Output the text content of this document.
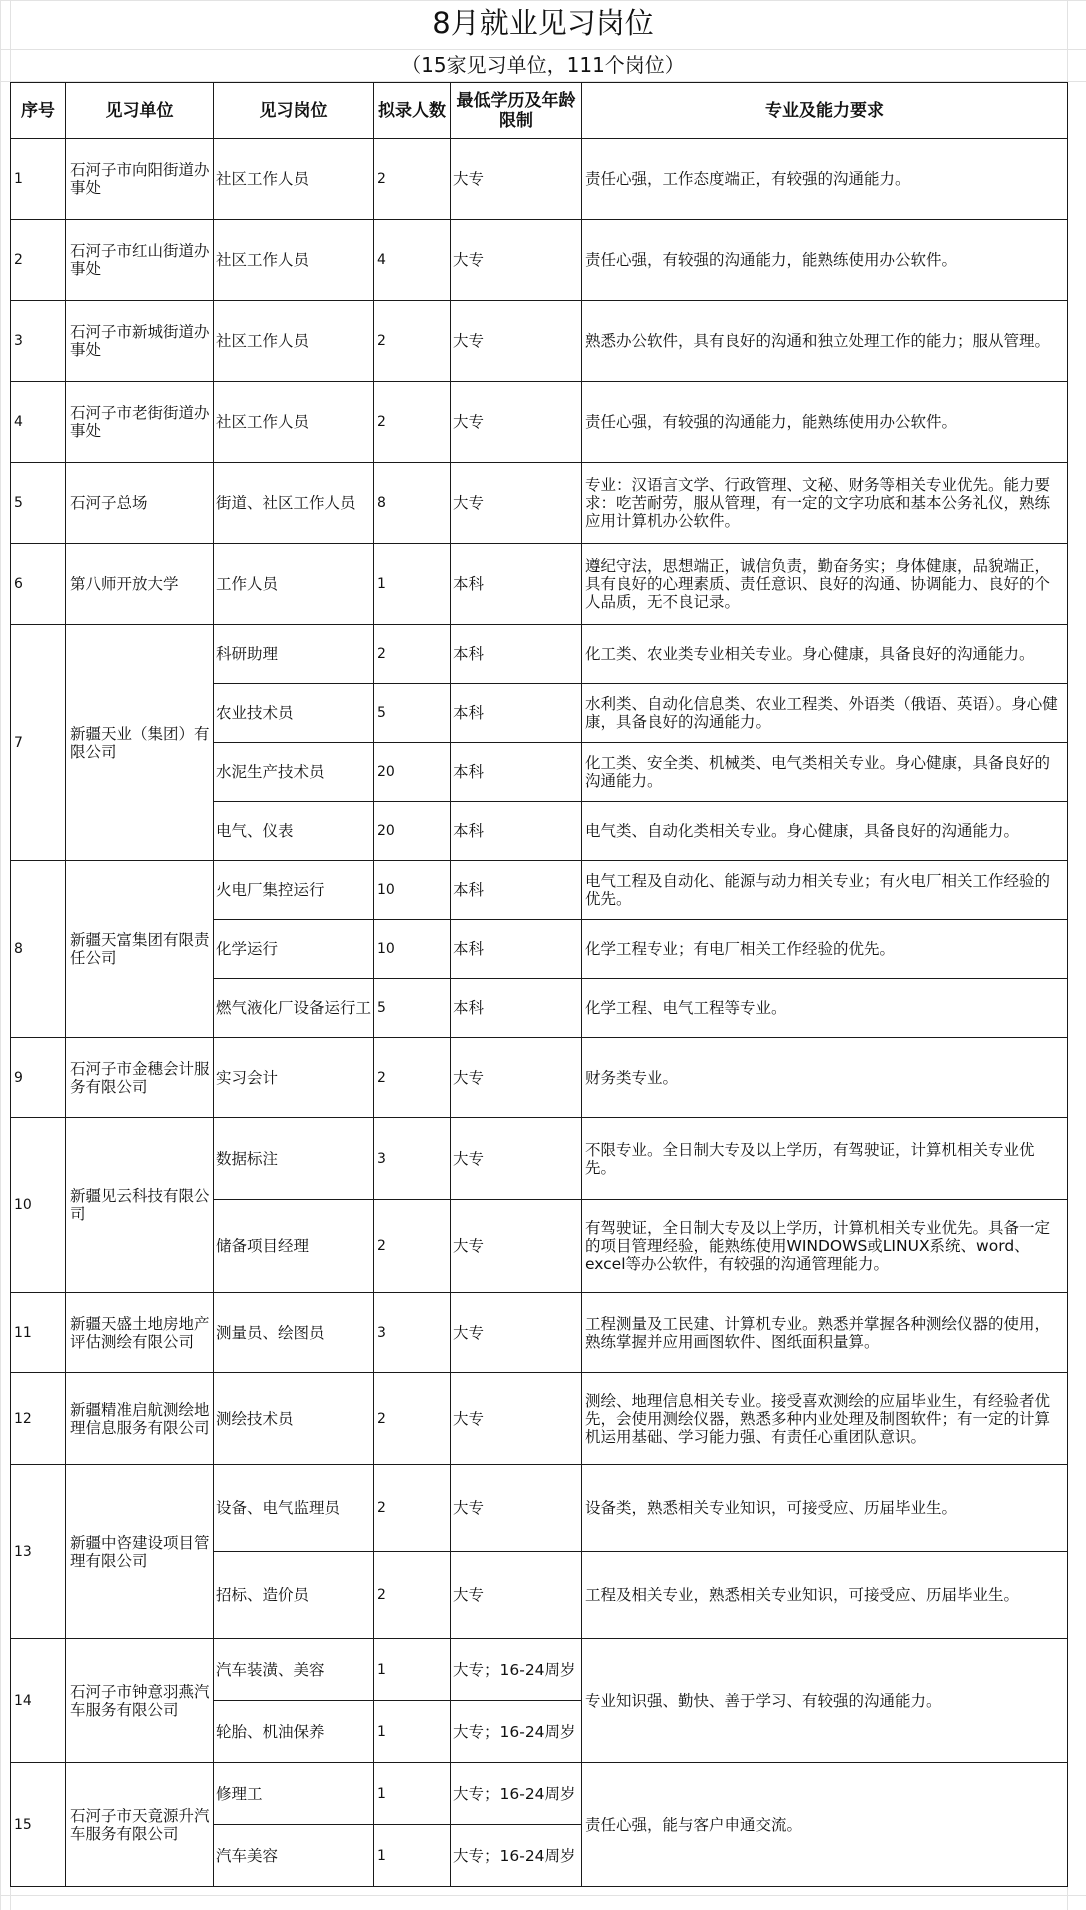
8月就业见习岗位
（15家见习单位，111个岗位）
序号	见习单位	见习岗位	拟录人数	最低学历及年龄限制	专业及能力要求
1	石河子市向阳街道办事处	社区工作人员	2	大专	责任心强，工作态度端正，有较强的沟通能力。
2	石河子市红山街道办事处	社区工作人员	4	大专	责任心强，有较强的沟通能力，能熟练使用办公软件。
3	石河子市新城街道办事处	社区工作人员	2	大专	熟悉办公软件，具有良好的沟通和独立处理工作的能力；服从管理。
4	石河子市老街街道办事处	社区工作人员	2	大专	责任心强，有较强的沟通能力，能熟练使用办公软件。
5	石河子总场	街道、社区工作人员	8	大专	专业：汉语言文学、行政管理、文秘、财务等相关专业优先。能力要求：吃苦耐劳，服从管理，有一定的文字功底和基本公务礼仪，熟练应用计算机办公软件。
6	第八师开放大学	工作人员	1	本科	遵纪守法，思想端正，诚信负责，勤奋务实；身体健康，品貌端正，具有良好的心理素质、责任意识、良好的沟通、协调能力、良好的个人品质，无不良记录。
7	新疆天业（集团）有限公司	科研助理	2	本科	化工类、农业类专业相关专业。身心健康，具备良好的沟通能力。
		农业技术员	5	本科	水利类、自动化信息类、农业工程类、外语类（俄语、英语）。身心健康，具备良好的沟通能力。
		水泥生产技术员	20	本科	化工类、安全类、机械类、电气类相关专业。身心健康，具备良好的沟通能力。
		电气、仪表	20	本科	电气类、自动化类相关专业。身心健康，具备良好的沟通能力。
8	新疆天富集团有限责任公司	火电厂集控运行	10	本科	电气工程及自动化、能源与动力相关专业；有火电厂相关工作经验的优先。
		化学运行	10	本科	化学工程专业；有电厂相关工作经验的优先。
		燃气液化厂设备运行工	5	本科	化学工程、电气工程等专业。
9	石河子市金穗会计服务有限公司	实习会计	2	大专	财务类专业。
10	新疆见云科技有限公司	数据标注	3	大专	不限专业。全日制大专及以上学历，有驾驶证，计算机相关专业优先。
		储备项目经理	2	大专	有驾驶证，全日制大专及以上学历，计算机相关专业优先。具备一定的项目管理经验，能熟练使用WINDOWS或LINUX系统、word、excel等办公软件，有较强的沟通管理能力。
11	新疆天盛土地房地产评估测绘有限公司	测量员、绘图员	3	大专	工程测量及工民建、计算机专业。熟悉并掌握各种测绘仪器的使用，熟练掌握并应用画图软件、图纸面积量算。
12	新疆精准启航测绘地理信息服务有限公司	测绘技术员	2	大专	测绘、地理信息相关专业。接受喜欢测绘的应届毕业生，有经验者优先，会使用测绘仪器，熟悉多种内业处理及制图软件；有一定的计算机运用基础、学习能力强、有责任心重团队意识。
13	新疆中咨建设项目管理有限公司	设备、电气监理员	2	大专	设备类，熟悉相关专业知识，可接受应、历届毕业生。
		招标、造价员	2	大专	工程及相关专业，熟悉相关专业知识，可接受应、历届毕业生。
14	石河子市钟意羽燕汽车服务有限公司	汽车装潢、美容	1	大专；16-24周岁	专业知识强、勤快、善于学习、有较强的沟通能力。
		轮胎、机油保养	1	大专；16-24周岁	
15	石河子市天竟源升汽车服务有限公司	修理工	1	大专；16-24周岁	责任心强，能与客户申通交流。
		汽车美容	1	大专；16-24周岁	
